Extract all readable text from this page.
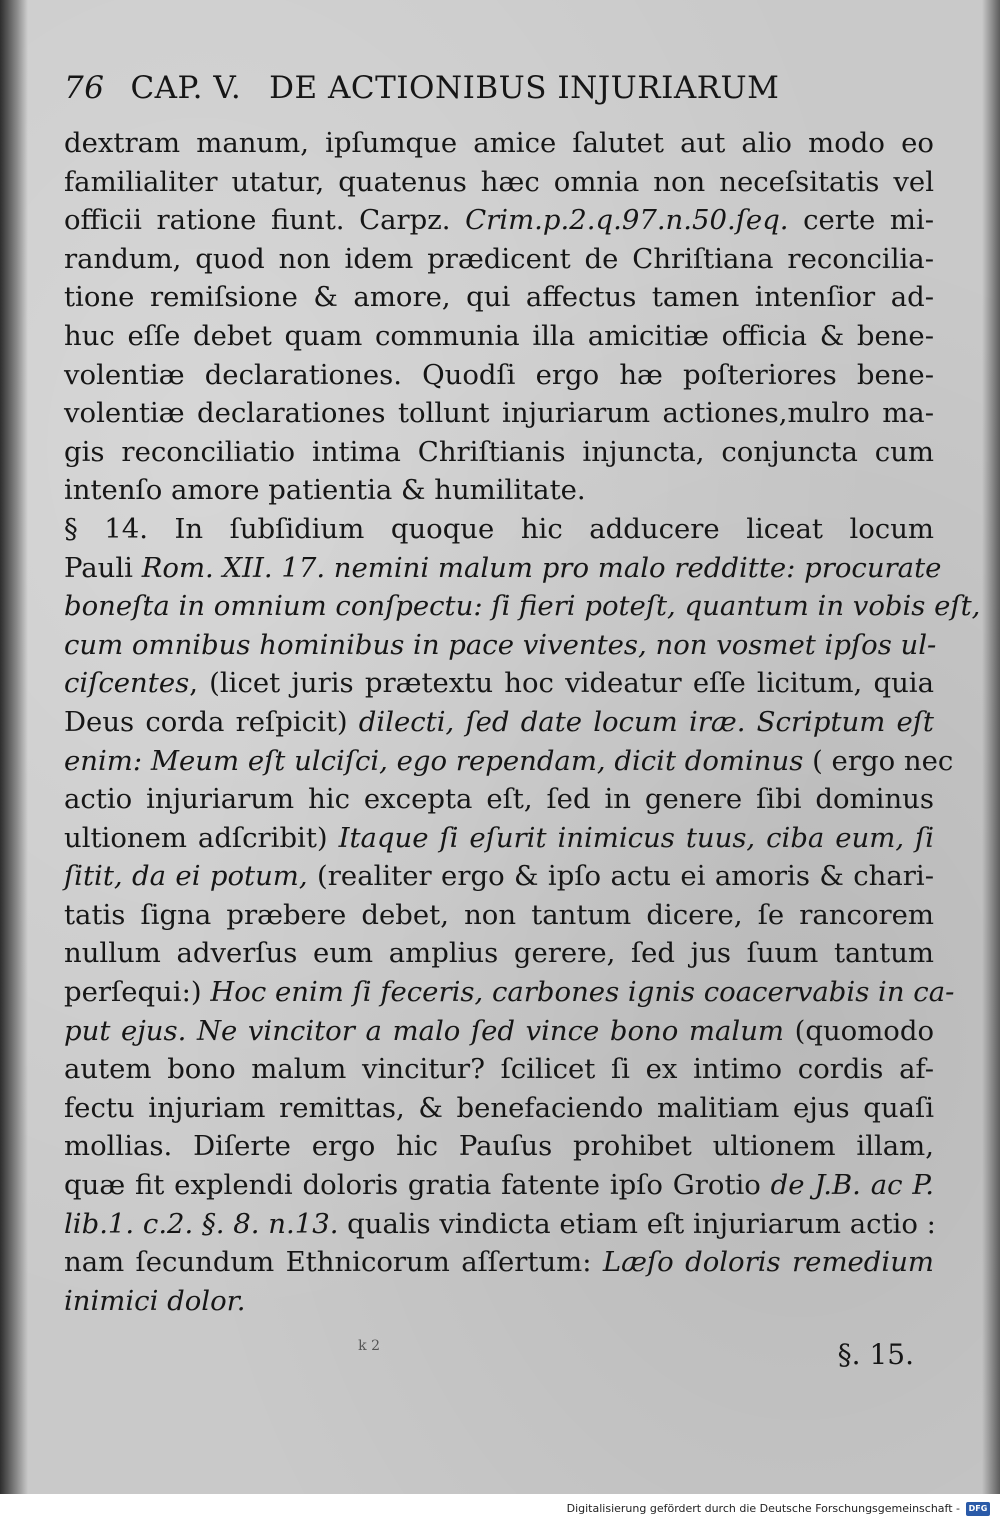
76 CAP. V. DE ACTIONIBUS INJURIARUM
dextram manum, ipſumque amice ſalutet aut alio modo eo
familialiter utatur, quatenus hæc omnia non neceſsitatis vel
officii ratione fiunt. Carpz. Crim.p.2.q.97.n.50.ſeq. certe mi-
randum, quod non idem prædicent de Chriſtiana reconcilia-
tione remiſsione & amore, qui affectus tamen intenſior ad-
huc eſſe debet quam communia illa amicitiæ officia & bene-
volentiæ declarationes. Quodſi ergo hæ poſteriores bene-
volentiæ declarationes tollunt injuriarum actiones,mulro ma-
gis reconciliatio intima Chriſtianis injuncta, conjuncta cum
intenſo amore patientia & humilitate.
§ 14. In ſubſidium quoque hic adducere liceat locum
Pauli Rom. XII. 17. nemini malum pro malo redditte: procurate
boneſta in omnium conſpectu: ſi fieri poteſt, quantum in vobis eſt,
cum omnibus hominibus in pace viventes, non vosmet ipſos ul-
ciſcentes, (licet juris prætextu hoc videatur eſſe licitum, quia
Deus corda reſpicit) dilecti, ſed date locum iræ. Scriptum eſt
enim: Meum eſt ulciſci, ego rependam, dicit dominus ( ergo nec
actio injuriarum hic excepta eſt, ſed in genere ſibi dominus
ultionem adſcribit) Itaque ſi eſurit inimicus tuus, ciba eum, ſi
ſitit, da ei potum, (realiter ergo & ipſo actu ei amoris & chari-
tatis ſigna præbere debet, non tantum dicere, ſe rancorem
nullum adverſus eum amplius gerere, ſed jus ſuum tantum
perſequi:) Hoc enim ſi feceris, carbones ignis coacervabis in ca-
put ejus. Ne vincitor a malo ſed vince bono malum (quomodo
autem bono malum vincitur? ſcilicet ſi ex intimo cordis af-
fectu injuriam remittas, & benefaciendo malitiam ejus quaſi
mollias. Diſerte ergo hic Pauſus prohibet ultionem illam,
quæ fit explendi doloris gratia fatente ipſo Grotio de J.B. ac P.
lib.1. c.2. §. 8. n.13. qualis vindicta etiam eſt injuriarum actio :
nam ſecundum Ethnicorum aſſertum: Læſo doloris remedium
inimici dolor.
§. 15.
k 2
Digitalisierung gefördert durch die Deutsche Forschungsgemeinschaft -	DFG
